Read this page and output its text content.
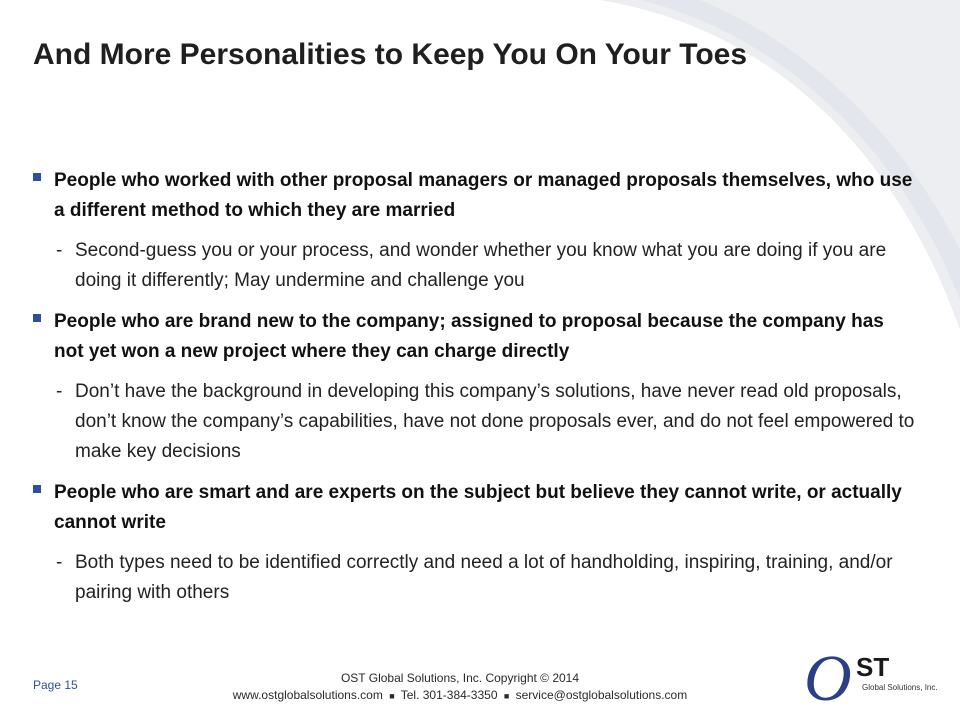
And More Personalities to Keep You On Your Toes
People who worked with other proposal managers or managed proposals themselves, who use a different method to which they are married
- Second-guess you or your process, and wonder whether you know what you are doing if you are doing it differently; May undermine and challenge you
People who are brand new to the company; assigned to proposal because the company has not yet won a new project where they can charge directly
- Don’t have the background in developing this company’s solutions, have never read old proposals, don’t know the company’s capabilities, have not done proposals ever, and do not feel empowered to make key decisions
People who are smart and are experts on the subject but believe they cannot write, or actually cannot write
- Both types need to be identified correctly and need a lot of handholding, inspiring, training, and/or pairing with others
Page 15	OST Global Solutions, Inc. Copyright © 2014
www.ostglobalsolutions.com ■ Tel. 301-384-3350 ■ service@ostglobalsolutions.com	O ST
Global Solutions, Inc.
